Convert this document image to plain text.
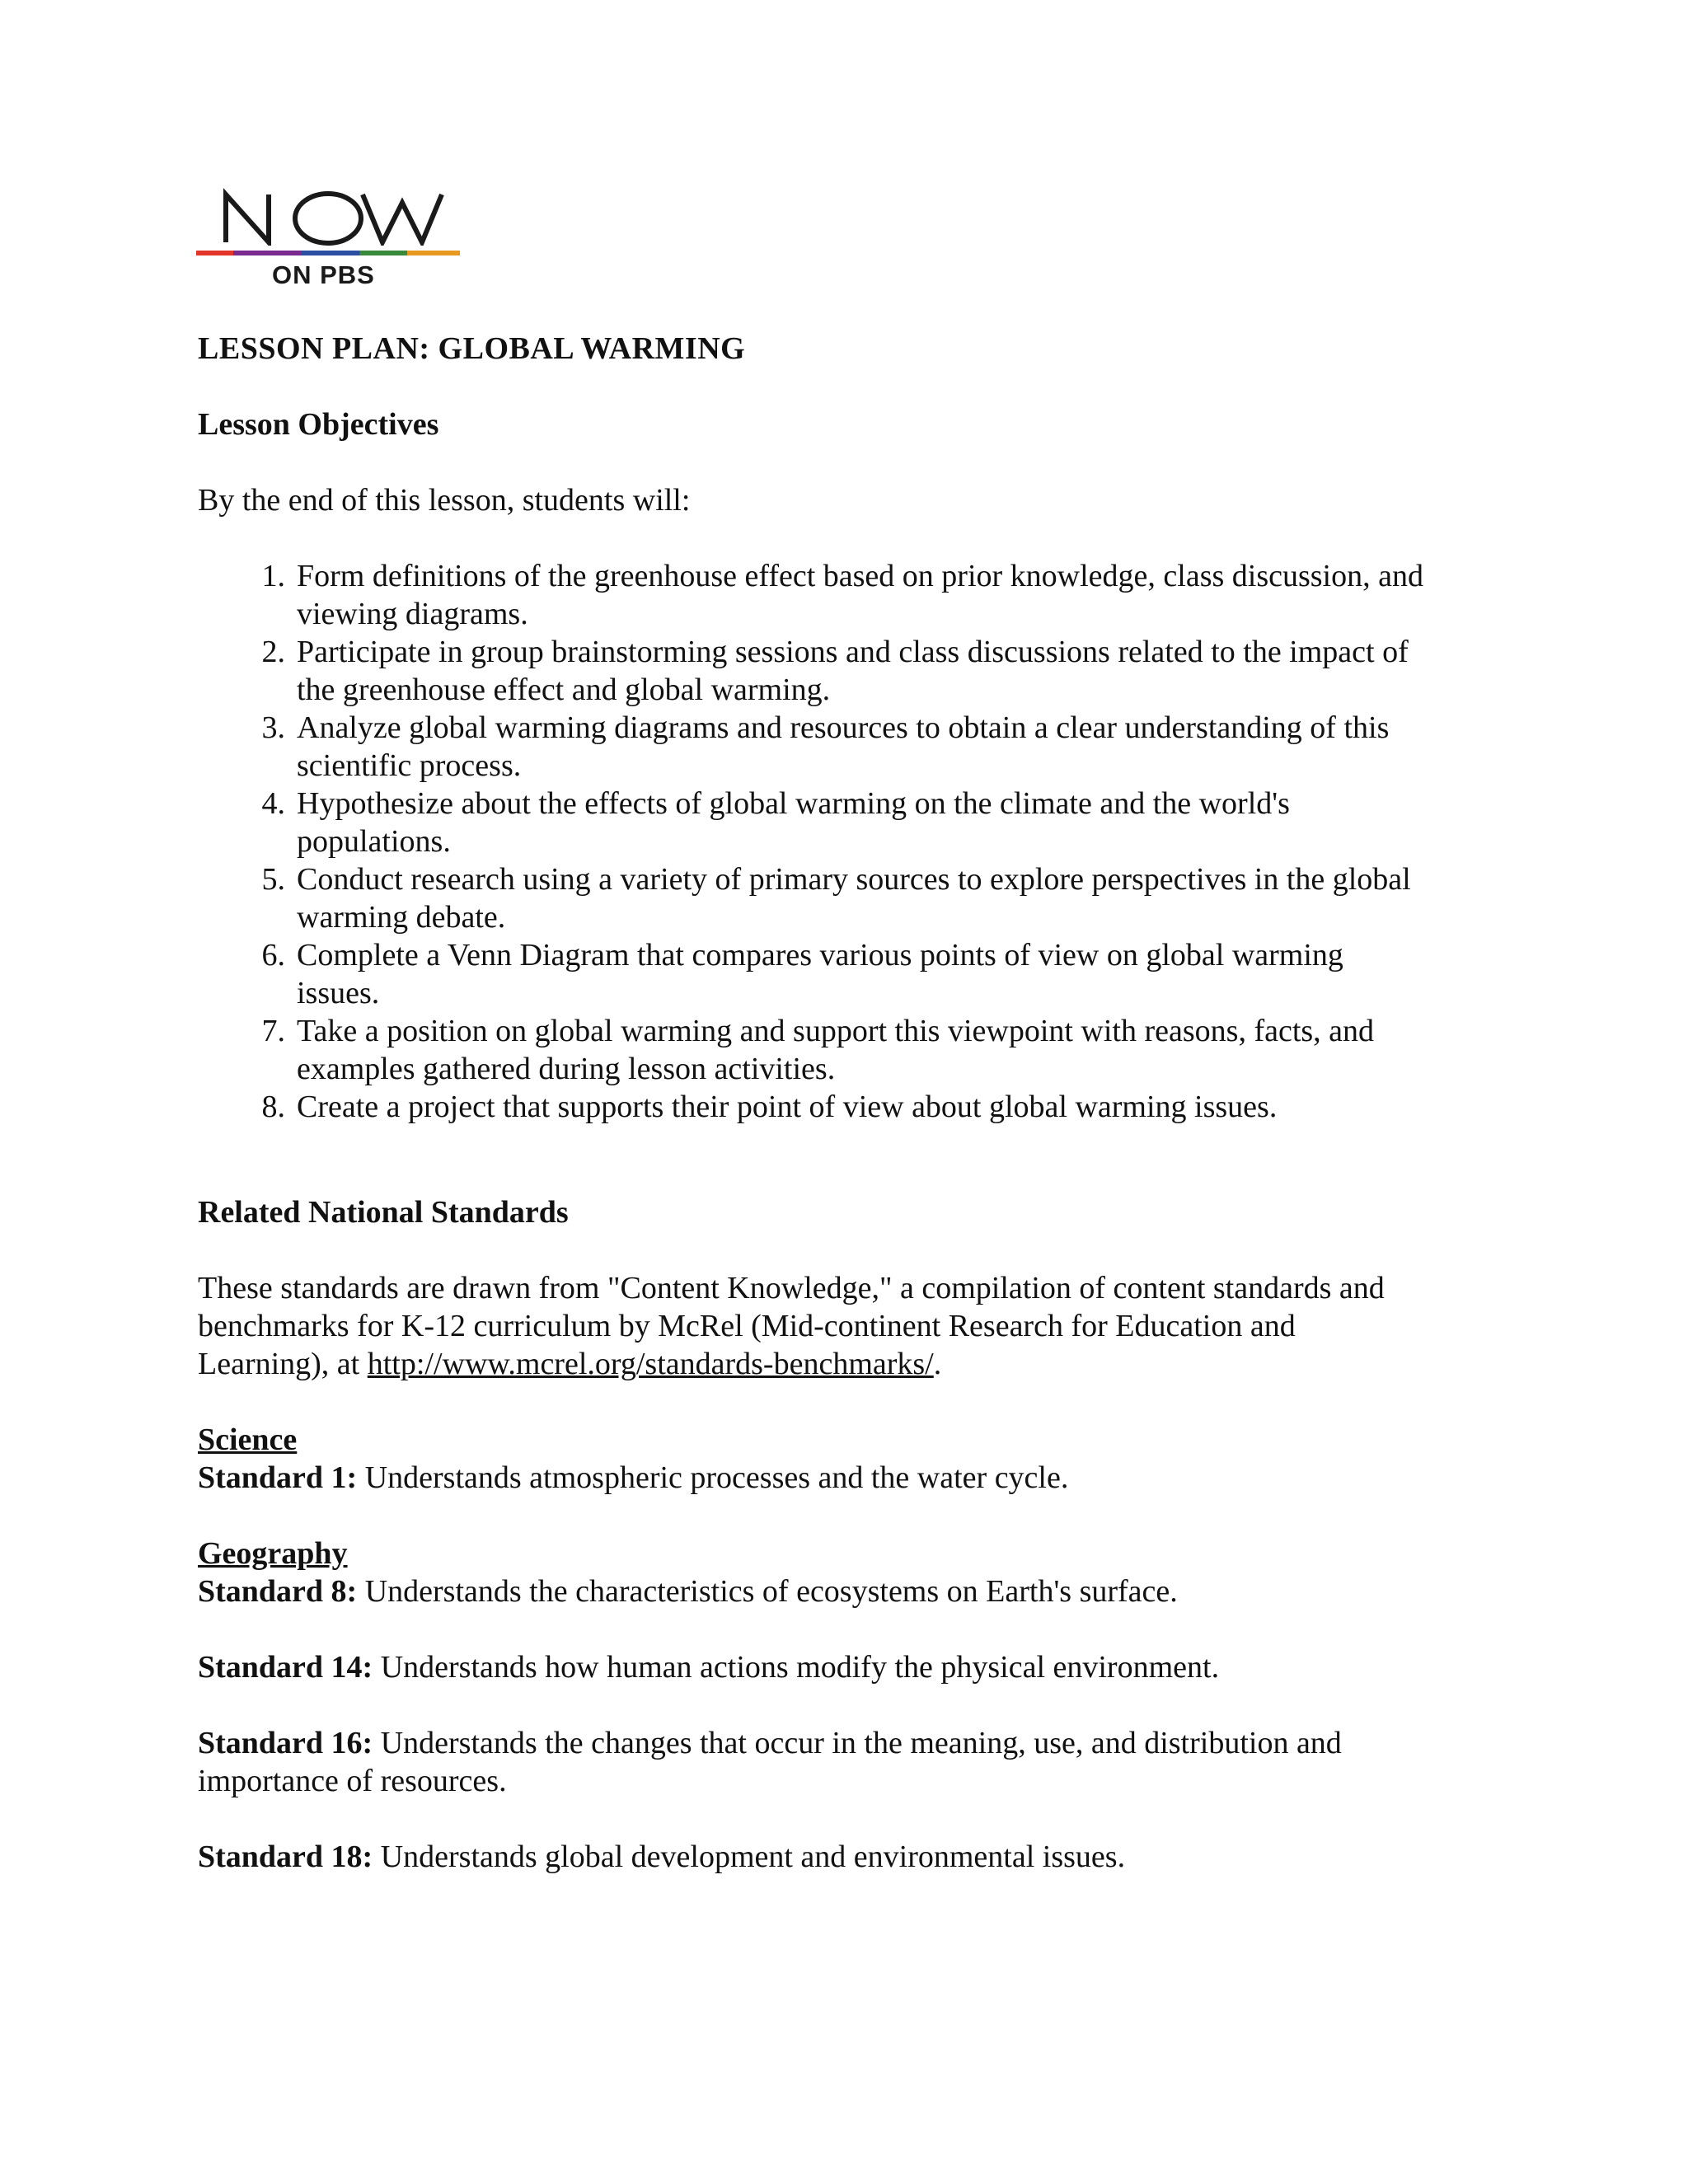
ON PBS
LESSON PLAN: GLOBAL WARMING
Lesson Objectives
By the end of this lesson, students will:
1. Form definitions of the greenhouse effect based on prior knowledge, class discussion, and
viewing diagrams.
2. Participate in group brainstorming sessions and class discussions related to the impact of
the greenhouse effect and global warming.
3. Analyze global warming diagrams and resources to obtain a clear understanding of this
scientific process.
4. Hypothesize about the effects of global warming on the climate and the world's
populations.
5. Conduct research using a variety of primary sources to explore perspectives in the global
warming debate.
6. Complete a Venn Diagram that compares various points of view on global warming
issues.
7. Take a position on global warming and support this viewpoint with reasons, facts, and
examples gathered during lesson activities.
8. Create a project that supports their point of view about global warming issues.
Related National Standards
These standards are drawn from "Content Knowledge," a compilation of content standards and
benchmarks for K-12 curriculum by McRel (Mid-continent Research for Education and
Learning), at http://www.mcrel.org/standards-benchmarks/.
Science
Standard 1: Understands atmospheric processes and the water cycle.
Geography
Standard 8: Understands the characteristics of ecosystems on Earth's surface.
Standard 14: Understands how human actions modify the physical environment.
Standard 16: Understands the changes that occur in the meaning, use, and distribution and
importance of resources.
Standard 18: Understands global development and environmental issues.
